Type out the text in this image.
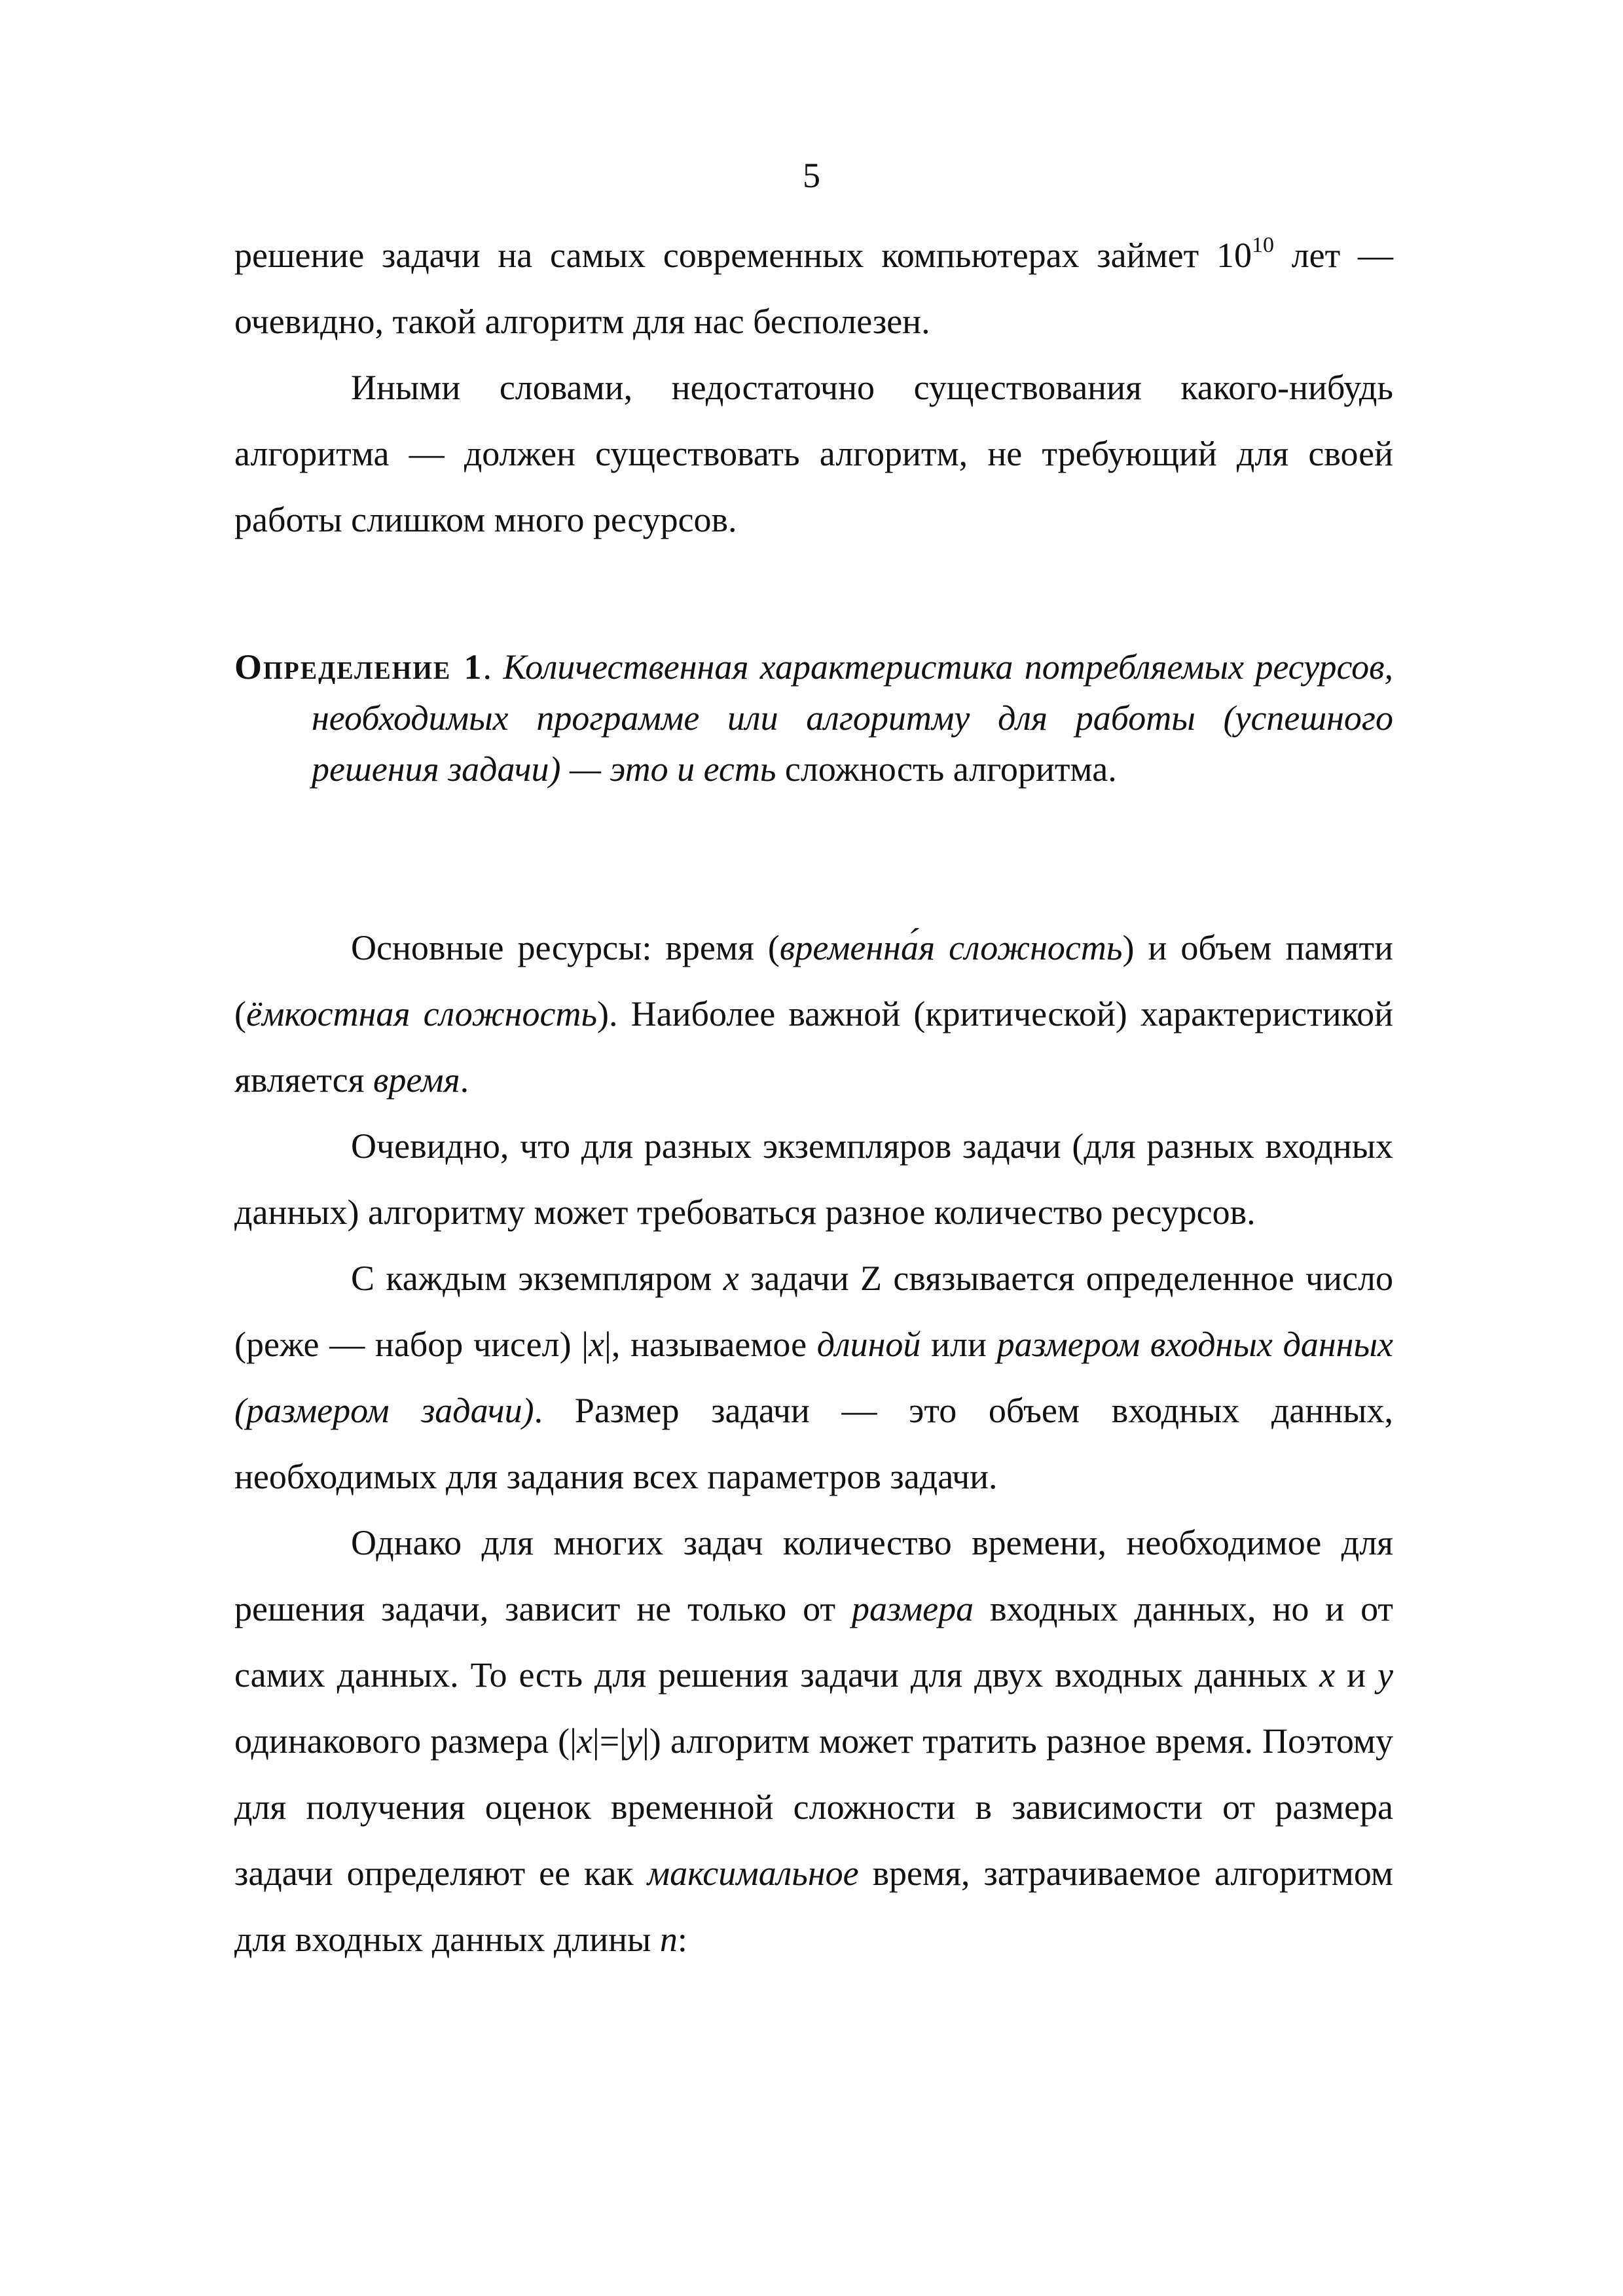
5

решение задачи на самых современных компьютерах займет $10^{10}$ лет — очевидно, такой алгоритм для нас бесполезен.

Иными словами, недостаточно существования какого-нибудь алгоритма — должен существовать алгоритм, не требующий для своей работы слишком много ресурсов.

Определение 1. Количественная характеристика потребляемых ресурсов, необходимых программе или алгоритму для работы (успешного решения задачи) — это и есть сложность алгоритма.

Основные ресурсы: время (временна́я сложность) и объем памяти (ёмкостная сложность). Наиболее важной (критической) характеристикой является время.

Очевидно, что для разных экземпляров задачи (для разных входных данных) алгоритму может требоваться разное количество ресурсов.

С каждым экземпляром x задачи Z связывается определенное число (реже — набор чисел) |x|, называемое длиной или размером входных данных (размером задачи). Размер задачи — это объем входных данных, необходимых для задания всех параметров задачи.

Однако для многих задач количество времени, необходимое для решения задачи, зависит не только от размера входных данных, но и от самих данных. То есть для решения задачи для двух входных данных x и y одинакового размера (|x|=|y|) алгоритм может тратить разное время. Поэтому для получения оценок временной сложности в зависимости от размера задачи определяют ее как максимальное время, затрачиваемое алгоритмом для входных данных длины n:
